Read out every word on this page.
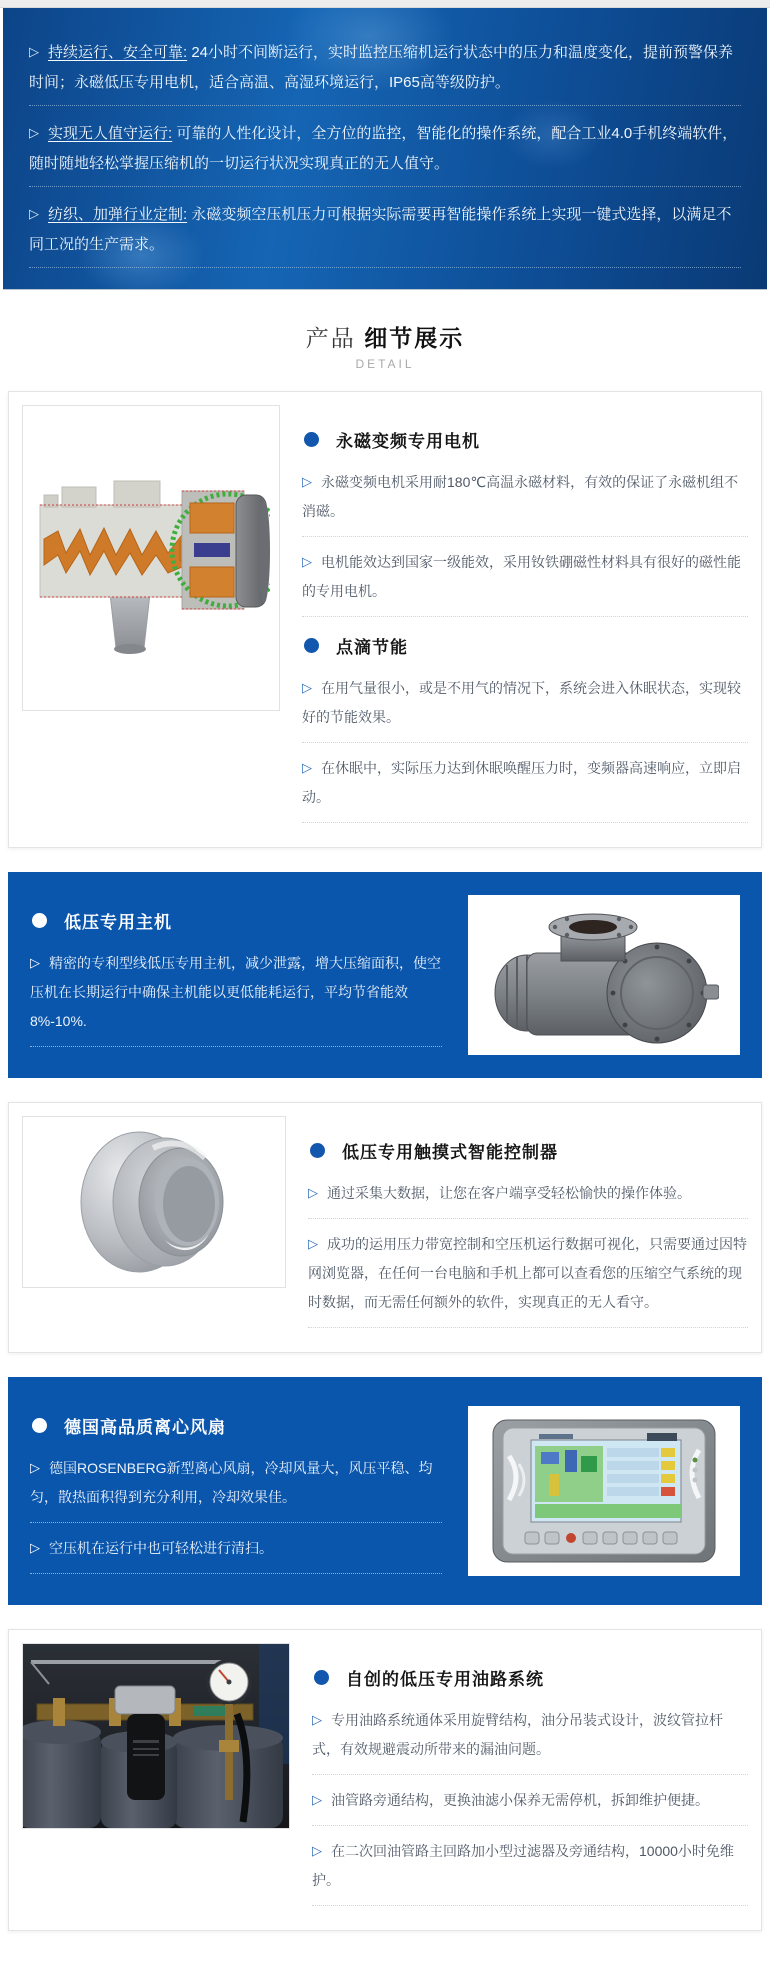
▷ 持续运行、安全可靠: 24小时不间断运行，实时监控压缩机运行状态中的压力和温度变化，提前预警保养时间；永磁低压专用电机，适合高温、高湿环境运行，IP65高等级防护。

▷ 实现无人值守运行: 可靠的人性化设计，全方位的监控，智能化的操作系统，配合工业4.0手机终端软件，随时随地轻松掌握压缩机的一切运行状况实现真正的无人值守。

▷ 纺织、加弹行业定制: 永磁变频空压机压力可根据实际需要再智能操作系统上实现一键式选择，以满足不同工况的生产需求。

产品 细节展示
DETAIL
永磁变频专用电机

▷ 永磁变频电机采用耐180℃高温永磁材料，有效的保证了永磁机组不消磁。

▷ 电机能效达到国家一级能效，采用钕铁硼磁性材料具有很好的磁性能的专用电机。

点滴节能

▷ 在用气量很小，或是不用气的情况下，系统会进入休眠状态，实现较好的节能效果。

▷ 在休眠中，实际压力达到休眠唤醒压力时，变频器高速响应，立即启动。

低压专用主机

▷ 精密的专利型线低压专用主机，减少泄露，增大压缩面积，使空压机在长期运行中确保主机能以更低能耗运行，平均节省能效8%-10%.

低压专用触摸式智能控制器

▷ 通过采集大数据，让您在客户端享受轻松愉快的操作体验。

▷ 成功的运用压力带宽控制和空压机运行数据可视化，只需要通过因特网浏览器，在任何一台电脑和手机上都可以查看您的压缩空气系统的现时数据，而无需任何额外的软件，实现真正的无人看守。

德国高品质离心风扇

▷ 德国ROSENBERG新型离心风扇，冷却风量大，风压平稳、均匀，散热面积得到充分利用，冷却效果佳。

▷ 空压机在运行中也可轻松进行清扫。

自创的低压专用油路系统

▷ 专用油路系统通体采用旋臂结构，油分吊装式设计，波纹管拉杆式，有效规避震动所带来的漏油问题。

▷ 油管路旁通结构，更换油滤小保养无需停机，拆卸维护便捷。

▷ 在二次回油管路主回路加小型过滤器及旁通结构，10000小时免维护。
